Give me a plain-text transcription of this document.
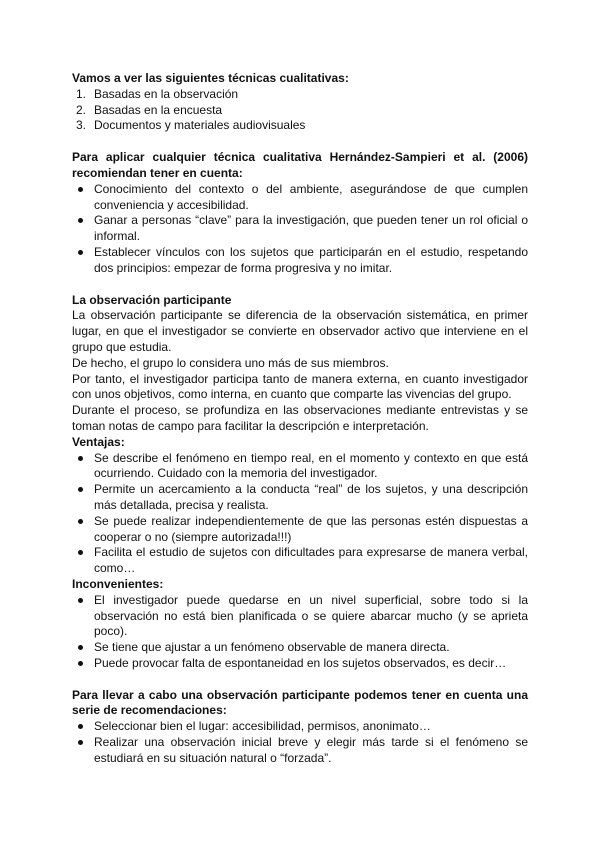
Vamos a ver las siguientes técnicas cualitativas:

1. Basadas en la observación
2. Basadas en la encuesta
3. Documentos y materiales audiovisuales

Para aplicar cualquier técnica cualitativa Hernández-Sampieri et al. (2006) recomiendan tener en cuenta:

Conocimiento del contexto o del ambiente, asegurándose de que cumplen conveniencia y accesibilidad.
Ganar a personas “clave” para la investigación, que pueden tener un rol oficial o informal.
Establecer vínculos con los sujetos que participarán en el estudio, respetando dos principios: empezar de forma progresiva y no imitar.

La observación participante

La observación participante se diferencia de la observación sistemática, en primer lugar, en que el investigador se convierte en observador activo que interviene en el grupo que estudia.

De hecho, el grupo lo considera uno más de sus miembros.

Por tanto, el investigador participa tanto de manera externa, en cuanto investigador con unos objetivos, como interna, en cuanto que comparte las vivencias del grupo.

Durante el proceso, se profundiza en las observaciones mediante entrevistas y se toman notas de campo para facilitar la descripción e interpretación.

Ventajas:

Se describe el fenómeno en tiempo real, en el momento y contexto en que está ocurriendo. Cuidado con la memoria del investigador.
Permite un acercamiento a la conducta “real” de los sujetos, y una descripción más detallada, precisa y realista.
Se puede realizar independientemente de que las personas estén dispuestas a cooperar o no (siempre autorizada!!!)
Facilita el estudio de sujetos con dificultades para expresarse de manera verbal, como…

Inconvenientes:

El investigador puede quedarse en un nivel superficial, sobre todo si la observación no está bien planificada o se quiere abarcar mucho (y se aprieta poco).
Se tiene que ajustar a un fenómeno observable de manera directa.
Puede provocar falta de espontaneidad en los sujetos observados, es decir…

Para llevar a cabo una observación participante podemos tener en cuenta una serie de recomendaciones:

Seleccionar bien el lugar: accesibilidad, permisos, anonimato…
Realizar una observación inicial breve y elegir más tarde si el fenómeno se estudiará en su situación natural o “forzada”.
